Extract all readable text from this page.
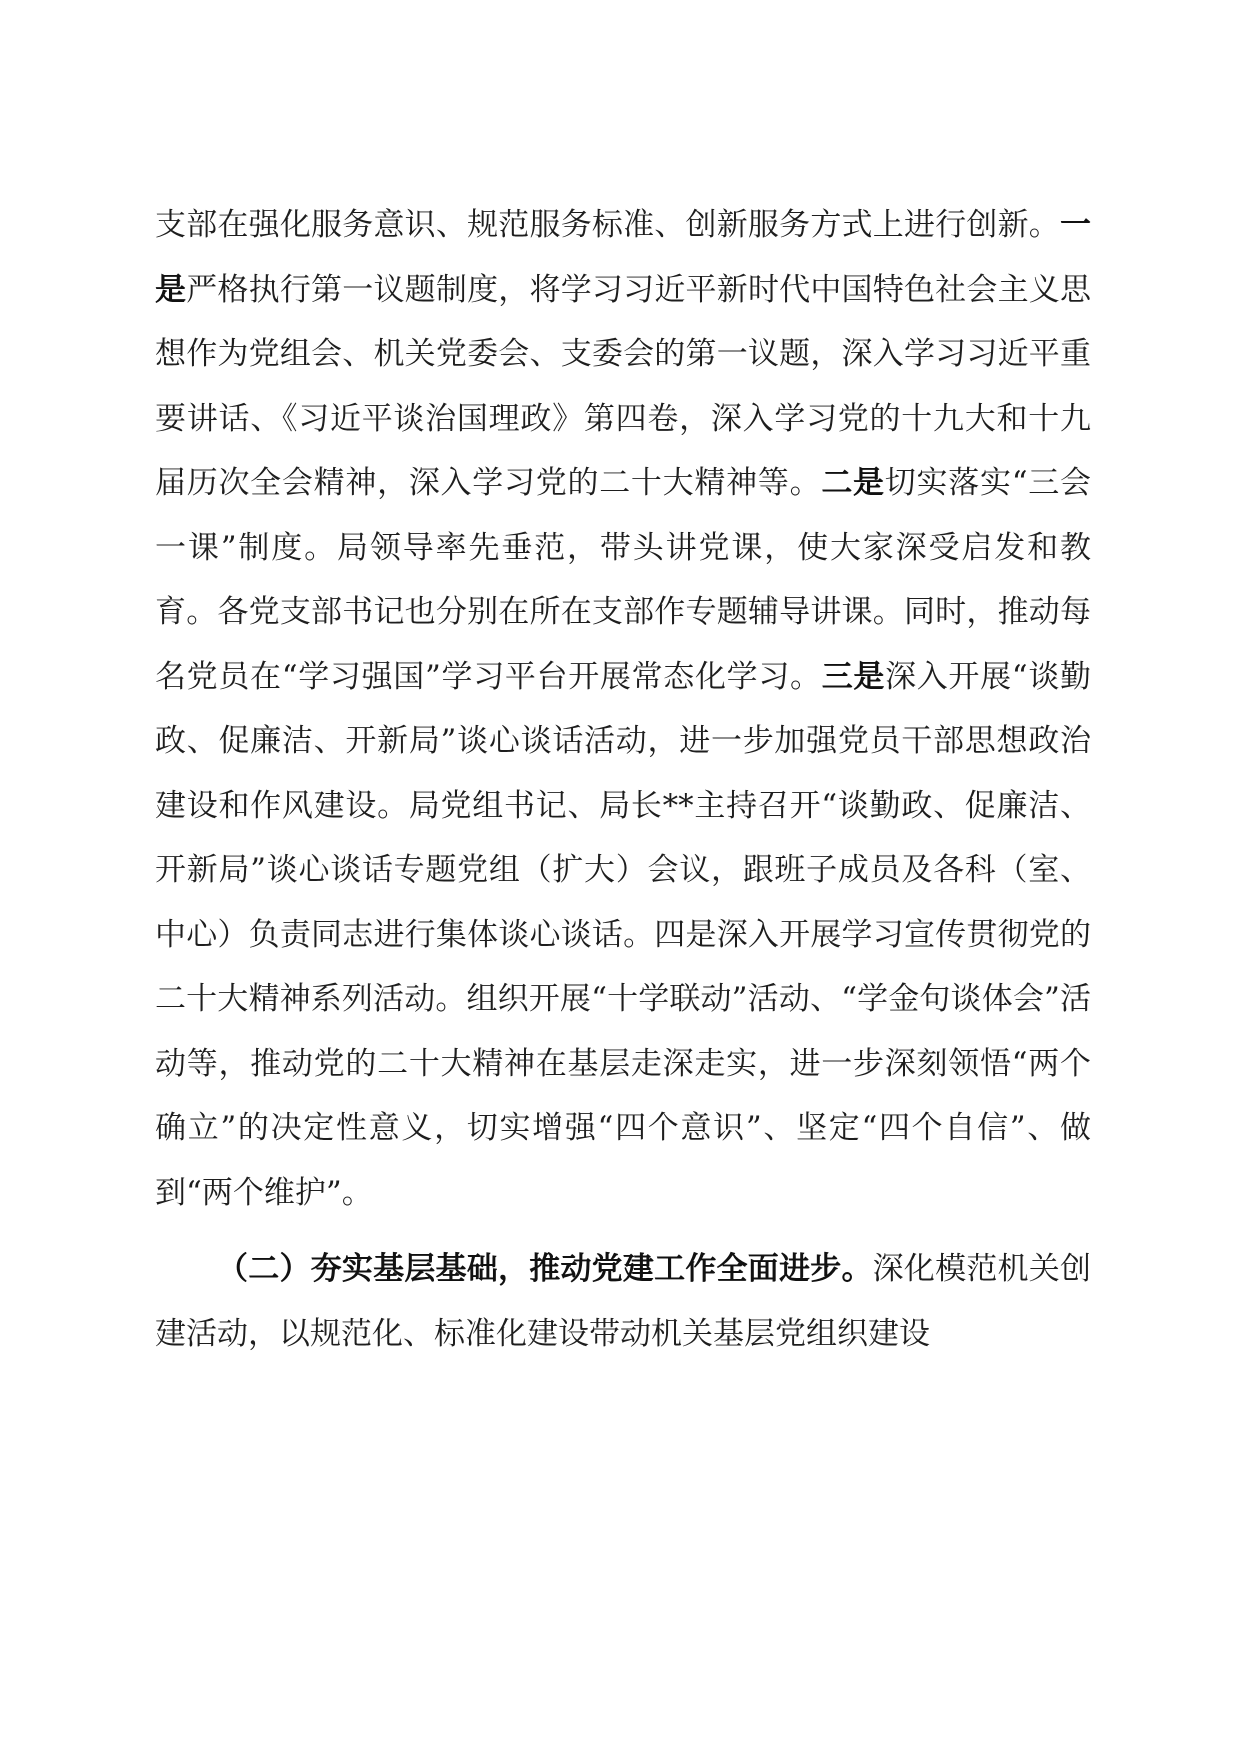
支部在强化服务意识、规范服务标准、创新服务方式上进行创新。一是严格执行第一议题制度，将学习习近平新时代中国特色社会主义思想作为党组会、机关党委会、支委会的第一议题，深入学习习近平重要讲话、《习近平谈治国理政》第四卷，深入学习党的十九大和十九届历次全会精神，深入学习党的二十大精神等。二是切实落实“三会一课”制度。局领导率先垂范，带头讲党课，使大家深受启发和教育。各党支部书记也分别在所在支部作专题辅导讲课。同时，推动每名党员在“学习强国”学习平台开展常态化学习。三是深入开展“谈勤政、促廉洁、开新局”谈心谈话活动，进一步加强党员干部思想政治建设和作风建设。局党组书记、局长**主持召开“谈勤政、促廉洁、开新局”谈心谈话专题党组（扩大）会议，跟班子成员及各科（室、中心）负责同志进行集体谈心谈话。四是深入开展学习宣传贯彻党的二十大精神系列活动。组织开展“十学联动”活动、“学金句谈体会”活动等，推动党的二十大精神在基层走深走实，进一步深刻领悟“两个确立”的决定性意义，切实增强“四个意识”、坚定“四个自信”、做到“两个维护”。

（二）夯实基层基础，推动党建工作全面进步。深化模范机关创建活动，以规范化、标准化建设带动机关基层党组织建设
